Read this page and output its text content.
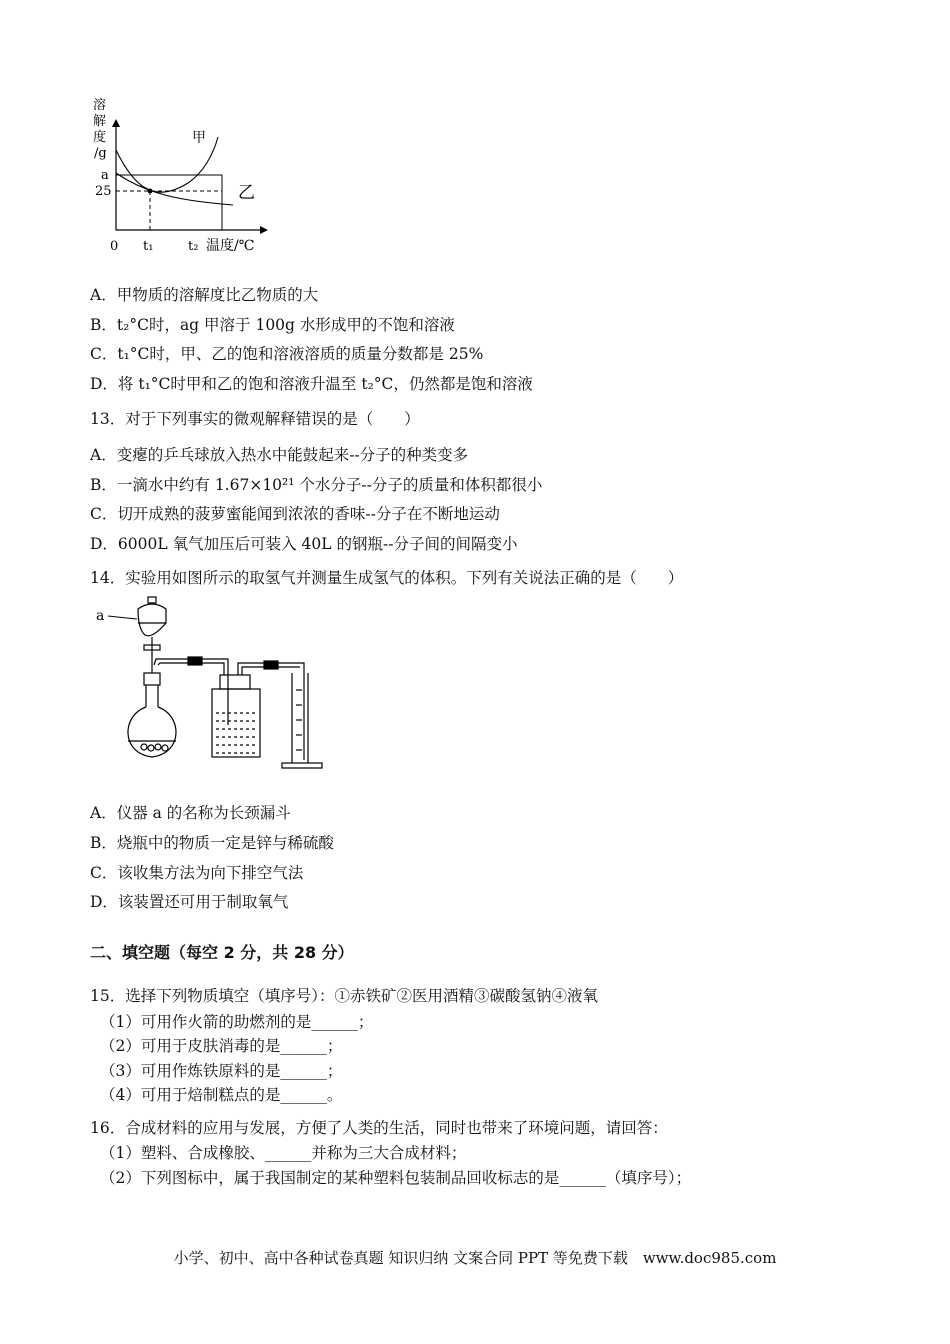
溶
解
度
/g
甲
乙
a
25
0 t₁	t₂ 温度/℃
A．甲物质的溶解度比乙物质的大
B．t₂°C时，ag 甲溶于 100g 水形成甲的不饱和溶液
C．t₁°C时，甲、乙的饱和溶液溶质的质量分数都是 25%
D．将 t₁°C时甲和乙的饱和溶液升温至 t₂°C，仍然都是饱和溶液
13．对于下列事实的微观解释错误的是（　　）
A．变瘪的乒乓球放入热水中能鼓起来--分子的种类变多
B．一滴水中约有 1.67×10²¹ 个水分子--分子的质量和体积都很小
C．切开成熟的菠萝蜜能闻到浓浓的香味--分子在不断地运动
D．6000L 氧气加压后可装入 40L 的钢瓶--分子间的间隔变小
14．实验用如图所示的取氢气并测量生成氢气的体积。下列有关说法正确的是（　　）
a
A．仪器 a 的名称为长颈漏斗
B．烧瓶中的物质一定是锌与稀硫酸
C．该收集方法为向下排空气法
D．该装置还可用于制取氧气
二、填空题（每空 2 分，共 28 分）
15．选择下列物质填空（填序号）：①赤铁矿②医用酒精③碳酸氢钠④液氧
（1）可用作火箭的助燃剂的是______；
（2）可用于皮肤消毒的是______；
（3）可用作炼铁原料的是______；
（4）可用于焙制糕点的是______。
16．合成材料的应用与发展，方便了人类的生活，同时也带来了环境问题，请回答：
（1）塑料、合成橡胶、______并称为三大合成材料；
（2）下列图标中，属于我国制定的某种塑料包装制品回收标志的是______（填序号）；
小学、初中、高中各种试卷真题 知识归纳 文案合同 PPT 等免费下载　www.doc985.com
